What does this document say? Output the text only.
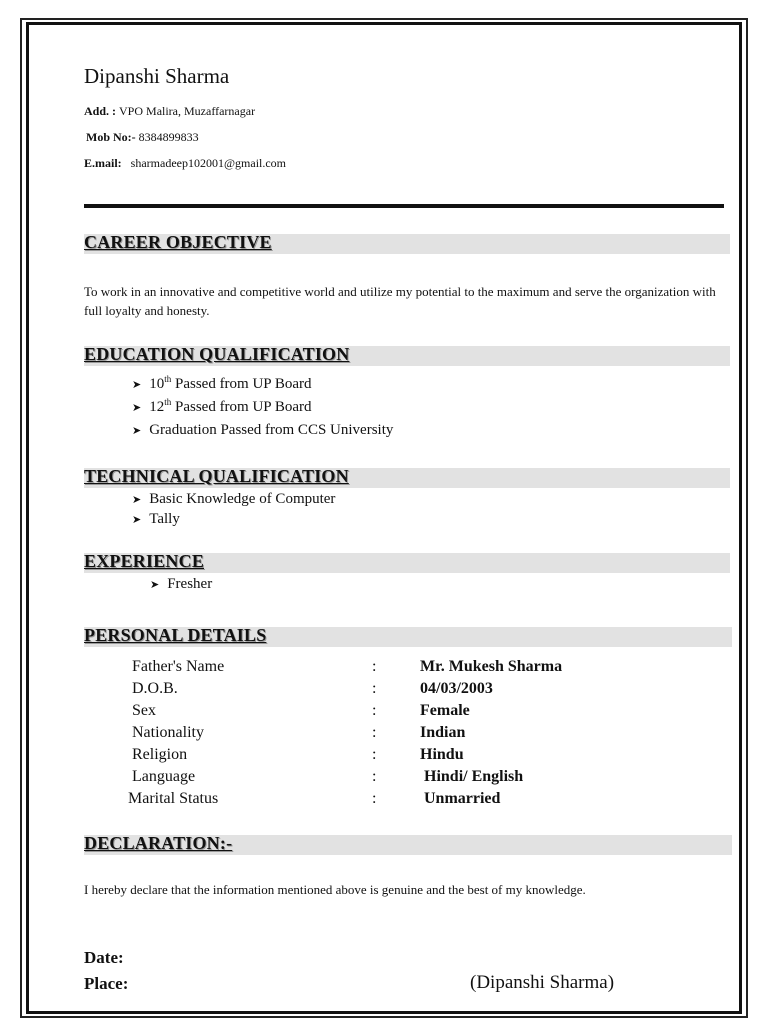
Dipanshi Sharma
Add. : VPO Malira, Muzaffarnagar
Mob No:- 8384899833
E.mail: sharmadeep102001@gmail.com
CAREER OBJECTIVE
To work in an innovative and competitive world and utilize my potential to the maximum and serve the organization with full loyalty and honesty.
EDUCATION QUALIFICATION
➤ 10th Passed from UP Board
➤ 12th Passed from UP Board
➤ Graduation Passed from CCS University
TECHNICAL QUALIFICATION
➤ Basic Knowledge of Computer
➤ Tally
EXPERIENCE
➤ Fresher
PERSONAL DETAILS
Father's Name	:	Mr. Mukesh Sharma
D.O.B.	:	04/03/2003
Sex	:	Female
Nationality	:	Indian
Religion	:	Hindu
Language	:	Hindi/ English
Marital Status	:	Unmarried
DECLARATION:-
I hereby declare that the information mentioned above is genuine and the best of my knowledge.
Date:
Place:	(Dipanshi Sharma)
